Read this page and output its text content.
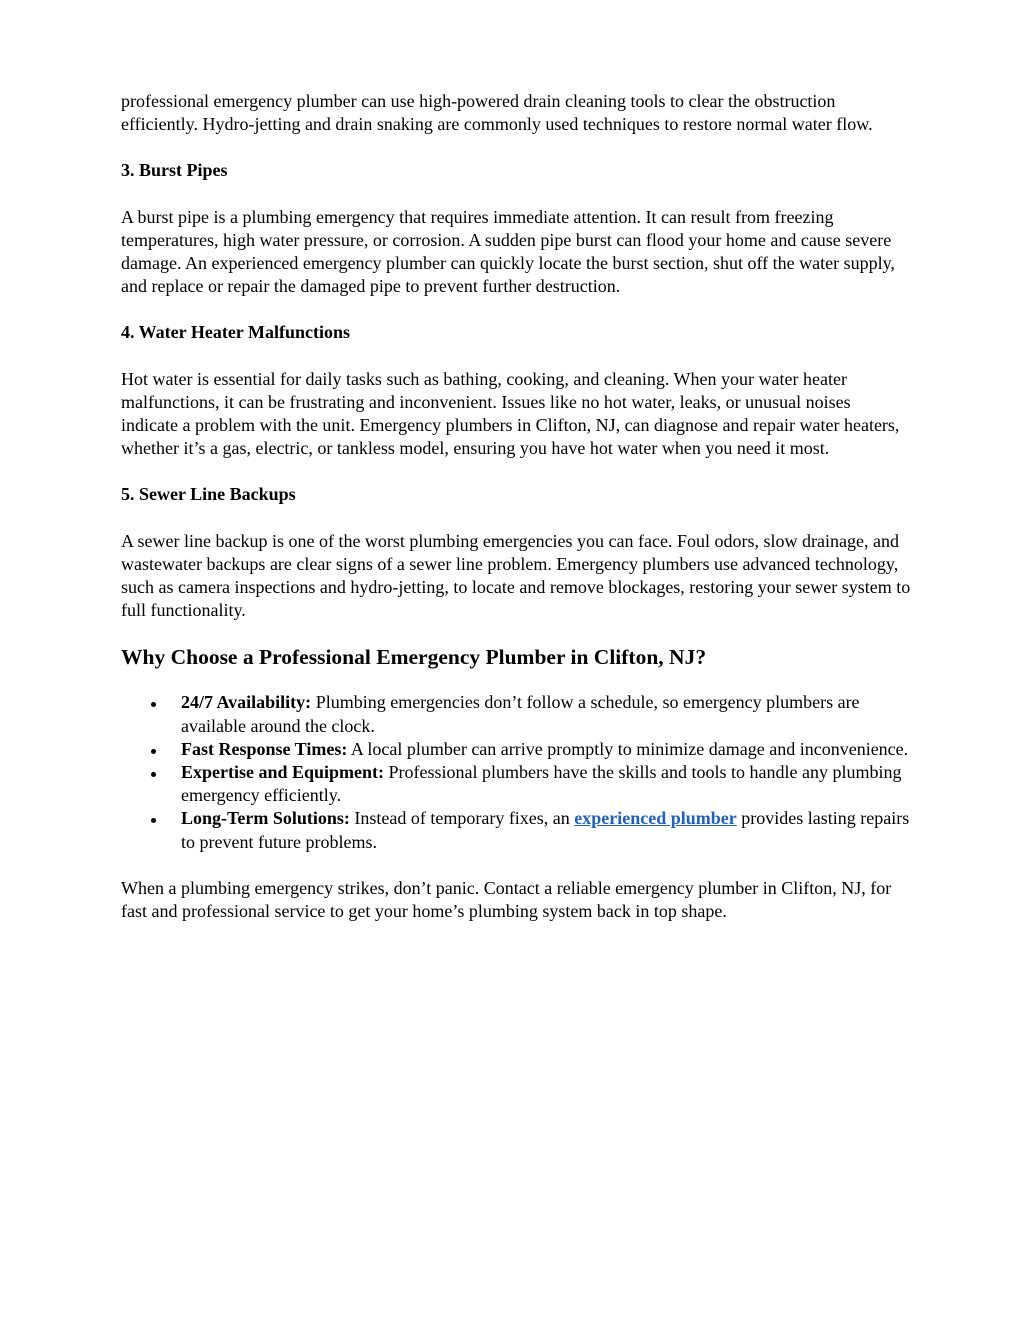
professional emergency plumber can use high-powered drain cleaning tools to clear the obstruction efficiently. Hydro-jetting and drain snaking are commonly used techniques to restore normal water flow.

3. Burst Pipes

A burst pipe is a plumbing emergency that requires immediate attention. It can result from freezing temperatures, high water pressure, or corrosion. A sudden pipe burst can flood your home and cause severe damage. An experienced emergency plumber can quickly locate the burst section, shut off the water supply, and replace or repair the damaged pipe to prevent further destruction.

4. Water Heater Malfunctions

Hot water is essential for daily tasks such as bathing, cooking, and cleaning. When your water heater malfunctions, it can be frustrating and inconvenient. Issues like no hot water, leaks, or unusual noises indicate a problem with the unit. Emergency plumbers in Clifton, NJ, can diagnose and repair water heaters, whether it’s a gas, electric, or tankless model, ensuring you have hot water when you need it most.

5. Sewer Line Backups

A sewer line backup is one of the worst plumbing emergencies you can face. Foul odors, slow drainage, and wastewater backups are clear signs of a sewer line problem. Emergency plumbers use advanced technology, such as camera inspections and hydro-jetting, to locate and remove blockages, restoring your sewer system to full functionality.

Why Choose a Professional Emergency Plumber in Clifton, NJ?
24/7 Availability: Plumbing emergencies don’t follow a schedule, so emergency plumbers are available around the clock.
Fast Response Times: A local plumber can arrive promptly to minimize damage and inconvenience.
Expertise and Equipment: Professional plumbers have the skills and tools to handle any plumbing emergency efficiently.
Long-Term Solutions: Instead of temporary fixes, an experienced plumber provides lasting repairs to prevent future problems.

When a plumbing emergency strikes, don’t panic. Contact a reliable emergency plumber in Clifton, NJ, for fast and professional service to get your home’s plumbing system back in top shape.
